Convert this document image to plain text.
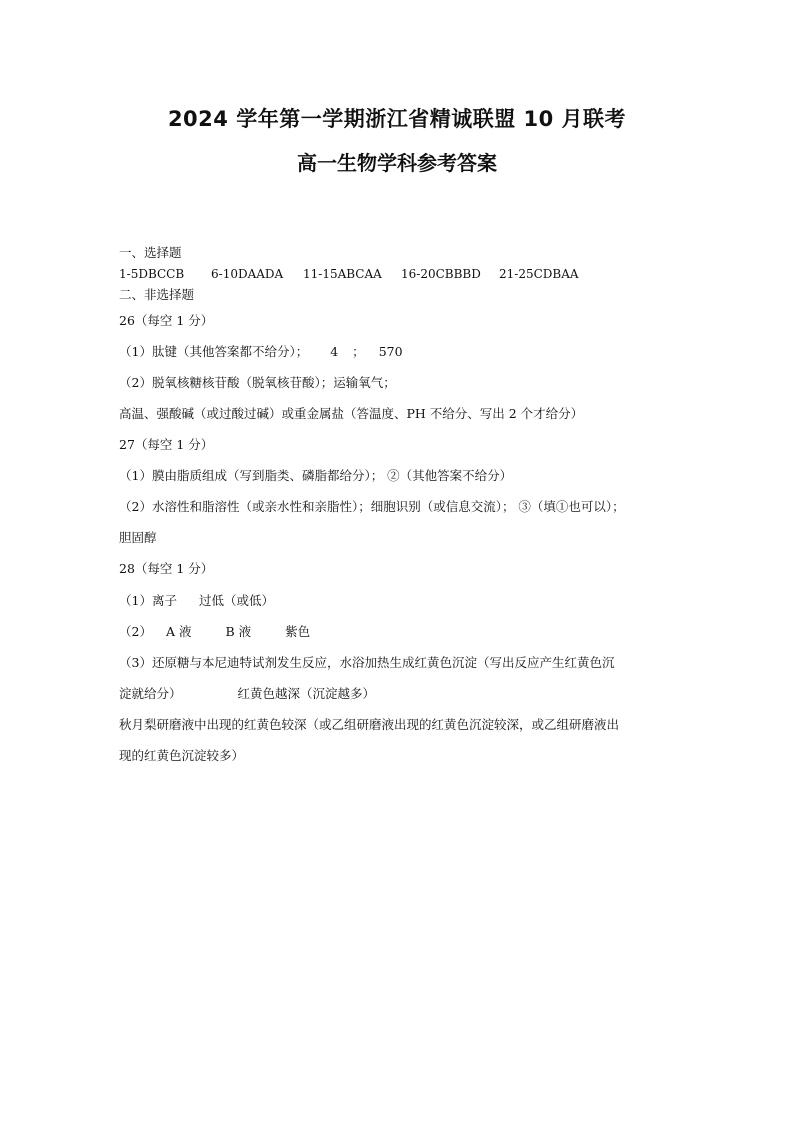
2024 学年第一学期浙江省精诚联盟 10 月联考
高一生物学科参考答案
一、选择题
1-5DBCCB	6-10DAADA	11-15ABCAA	16-20CBBBD	21-25CDBAA
二、非选择题
26（每空 1 分）
（1）肽键（其他答案都不给分）； 4 ； 570
（2）脱氧核糖核苷酸（脱氧核苷酸）；运输氧气；
高温、强酸碱（或过酸过碱）或重金属盐（答温度、PH 不给分、写出 2 个才给分）
27（每空 1 分）
（1）膜由脂质组成（写到脂类、磷脂都给分）； ②（其他答案不给分）
（2）水溶性和脂溶性（或亲水性和亲脂性）；细胞识别（或信息交流）； ③（填①也可以）；
胆固醇
28（每空 1 分）
（1）离子 过低（或低）
（2） A 液	B 液	紫色
（3）还原糖与本尼迪特试剂发生反应，水浴加热生成红黄色沉淀（写出反应产生红黄色沉
淀就给分）	红黄色越深（沉淀越多）
秋月梨研磨液中出现的红黄色较深（或乙组研磨液出现的红黄色沉淀较深，或乙组研磨液出
现的红黄色沉淀较多）
